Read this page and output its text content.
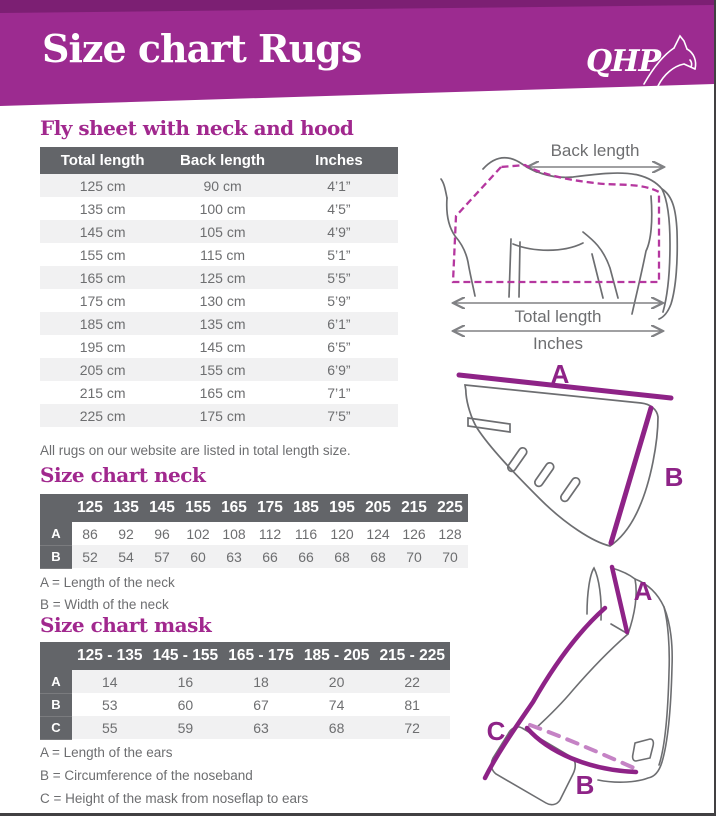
Size chart Rugs	QHP
Fly sheet with neck and hood
Total length	Back length	Inches
125 cm	90 cm	4’1”
135 cm	100 cm	4’5”
145 cm	105 cm	4’9”
155 cm	115 cm	5’1”
165 cm	125 cm	5’5”
175 cm	130 cm	5’9”
185 cm	135 cm	6’1”
195 cm	145 cm	6’5”
205 cm	155 cm	6’9”
215 cm	165 cm	7’1”
225 cm	175 cm	7’5”
All rugs on our website are listed in total length size.
Size chart neck
	125	135	145	155	165	175	185	195	205	215	225
A	86	92	96	102	108	112	116	120	124	126	128
B	52	54	57	60	63	66	66	68	68	70	70
A = Length of the neck
B = Width of the neck
Size chart mask
	125 - 135	145 - 155	165 - 175	185 - 205	215 - 225
A	14	16	18	20	22
B	53	60	67	74	81
C	55	59	63	68	72
A = Length of the ears
B = Circumference of the noseband
C = Height of the mask from noseflap to ears
Back length
Total length
Inches
A
B
A
C
B
